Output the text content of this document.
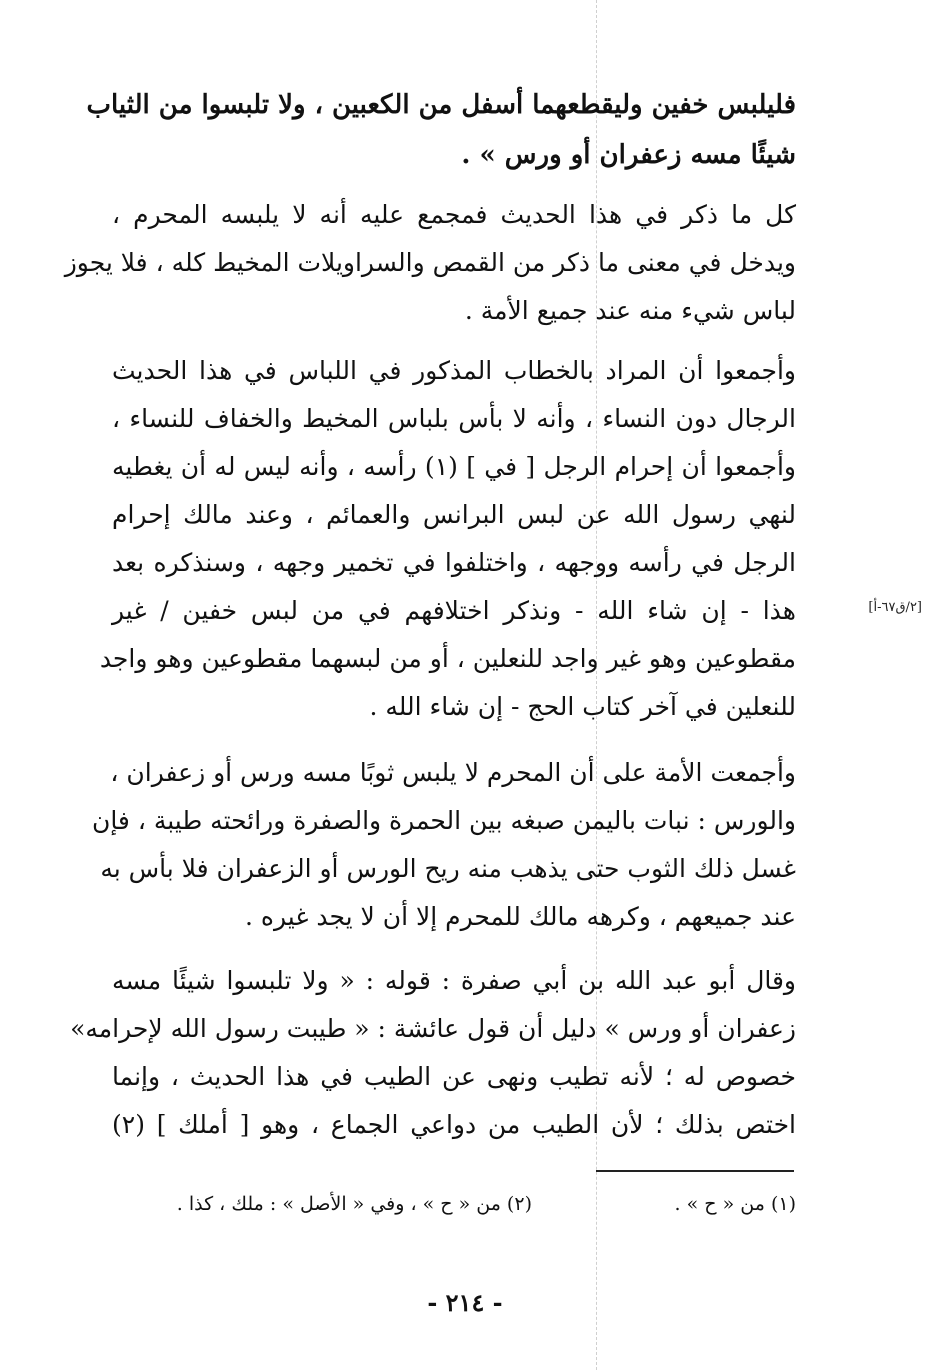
فليلبس خفين وليقطعهما أسفل من الكعبين ، ولا تلبسوا من الثياب
شيئًا مسه زعفران أو ورس » .
كل ما ذكر في هذا الحديث فمجمع عليه أنه لا يلبسه المحرم ،
ويدخل في معنى ما ذكر من القمص والسراويلات المخيط كله ، فلا يجوز
لباس شيء منه عند جميع الأمة .
وأجمعوا أن المراد بالخطاب المذكور في اللباس في هذا الحديث
الرجال دون النساء ، وأنه لا بأس بلباس المخيط والخفاف للنساء ،
وأجمعوا أن إحرام الرجل [ في ] (١) رأسه ، وأنه ليس له أن يغطيه
لنهي رسول الله عن لبس البرانس والعمائم ، وعند مالك إحرام
الرجل في رأسه ووجهه ، واختلفوا في تخمير وجهه ، وسنذكره بعد
هذا - إن شاء الله - ونذكر اختلافهم في من لبس خفين / غير
مقطوعين وهو غير واجد للنعلين ، أو من لبسهما مقطوعين وهو واجد
للنعلين في آخر كتاب الحج - إن شاء الله .
[٢/ق٦٧-أ]
وأجمعت الأمة على أن المحرم لا يلبس ثوبًا مسه ورس أو زعفران ،
والورس : نبات باليمن صبغه بين الحمرة والصفرة ورائحته طيبة ، فإن
غسل ذلك الثوب حتى يذهب منه ريح الورس أو الزعفران فلا بأس به
عند جميعهم ، وكرهه مالك للمحرم إلا أن لا يجد غيره .
وقال أبو عبد الله بن أبي صفرة : قوله : « ولا تلبسوا شيئًا مسه
زعفران أو ورس » دليل أن قول عائشة : « طيبت رسول الله لإحرامه»
خصوص له ؛ لأنه تطيب ونهى عن الطيب في هذا الحديث ، وإنما
اختص بذلك ؛ لأن الطيب من دواعي الجماع ، وهو [ أملك ] (٢)
(١) من « ح » .
(٢) من « ح » ، وفي « الأصل » : ملك ، كذا .
- ٢١٤ -
